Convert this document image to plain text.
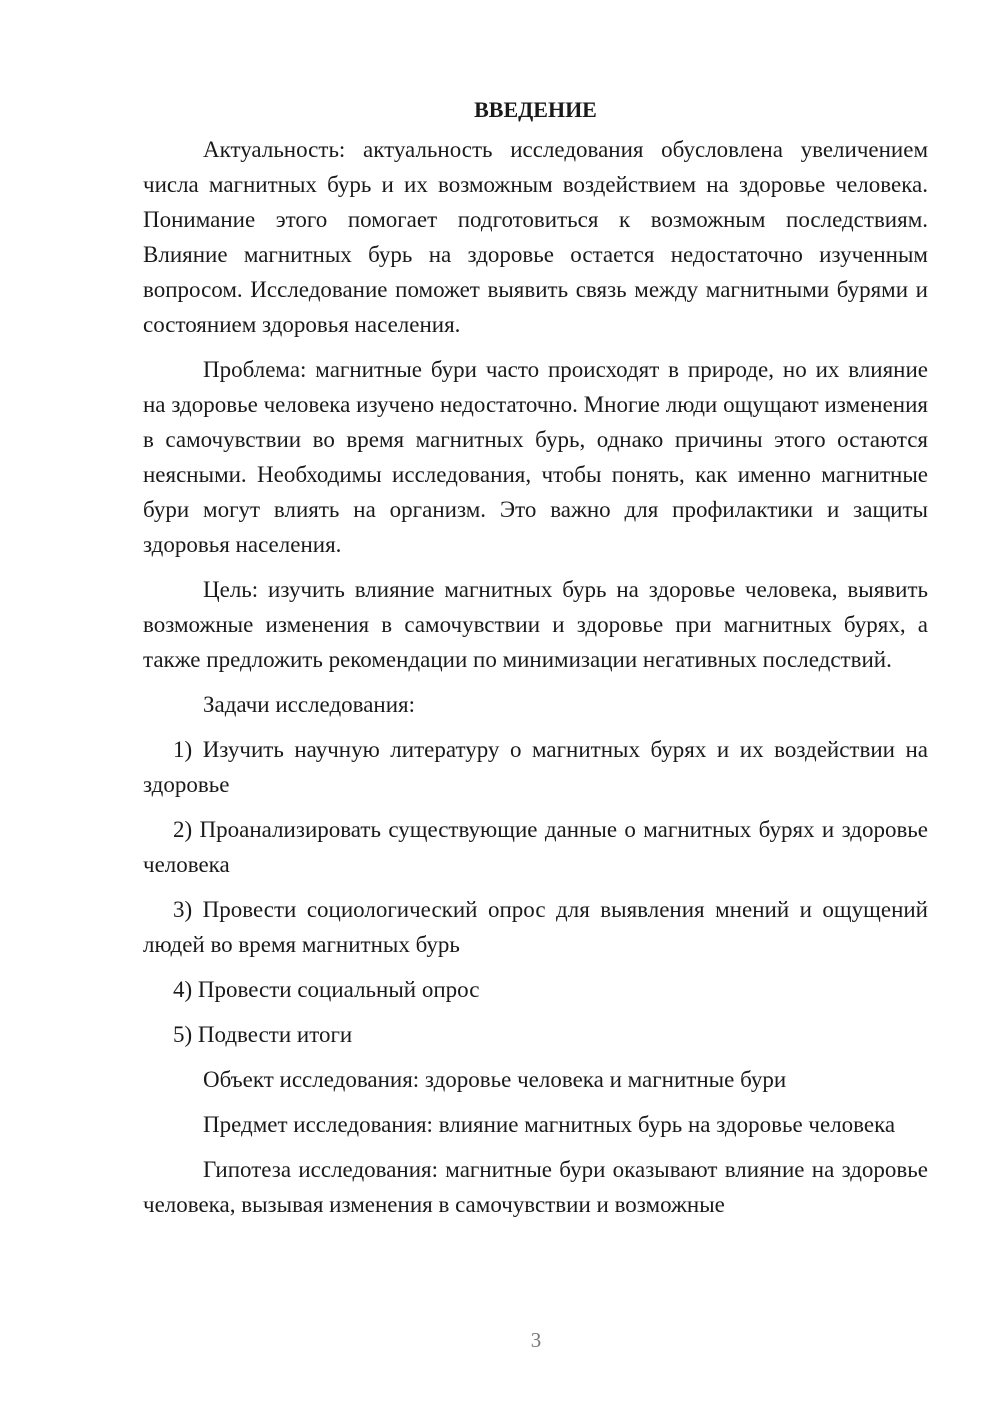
ВВЕДЕНИЕ

Актуальность: актуальность исследования обусловлена увеличением числа магнитных бурь и их возможным воздействием на здоровье человека. Понимание этого помогает подготовиться к возможным последствиям. Влияние магнитных бурь на здоровье остается недостаточно изученным вопросом. Исследование поможет выявить связь между магнитными бурями и состоянием здоровья населения.

Проблема: магнитные бури часто происходят в природе, но их влияние на здоровье человека изучено недостаточно. Многие люди ощущают изменения в самочувствии во время магнитных бурь, однако причины этого остаются неясными. Необходимы исследования, чтобы понять, как именно магнитные бури могут влиять на организм. Это важно для профилактики и защиты здоровья населения.

Цель: изучить влияние магнитных бурь на здоровье человека, выявить возможные изменения в самочувствии и здоровье при магнитных бурях, а также предложить рекомендации по минимизации негативных последствий.

Задачи исследования:

1) Изучить научную литературу о магнитных бурях и их воздействии на здоровье

2) Проанализировать существующие данные о магнитных бурях и здоровье человека

3) Провести социологический опрос для выявления мнений и ощущений людей во время магнитных бурь

4) Провести социальный опрос

5) Подвести итоги

Объект исследования: здоровье человека и магнитные бури

Предмет исследования: влияние магнитных бурь на здоровье человека

Гипотеза исследования: магнитные бури оказывают влияние на здоровье человека, вызывая изменения в самочувствии и возможные

3
